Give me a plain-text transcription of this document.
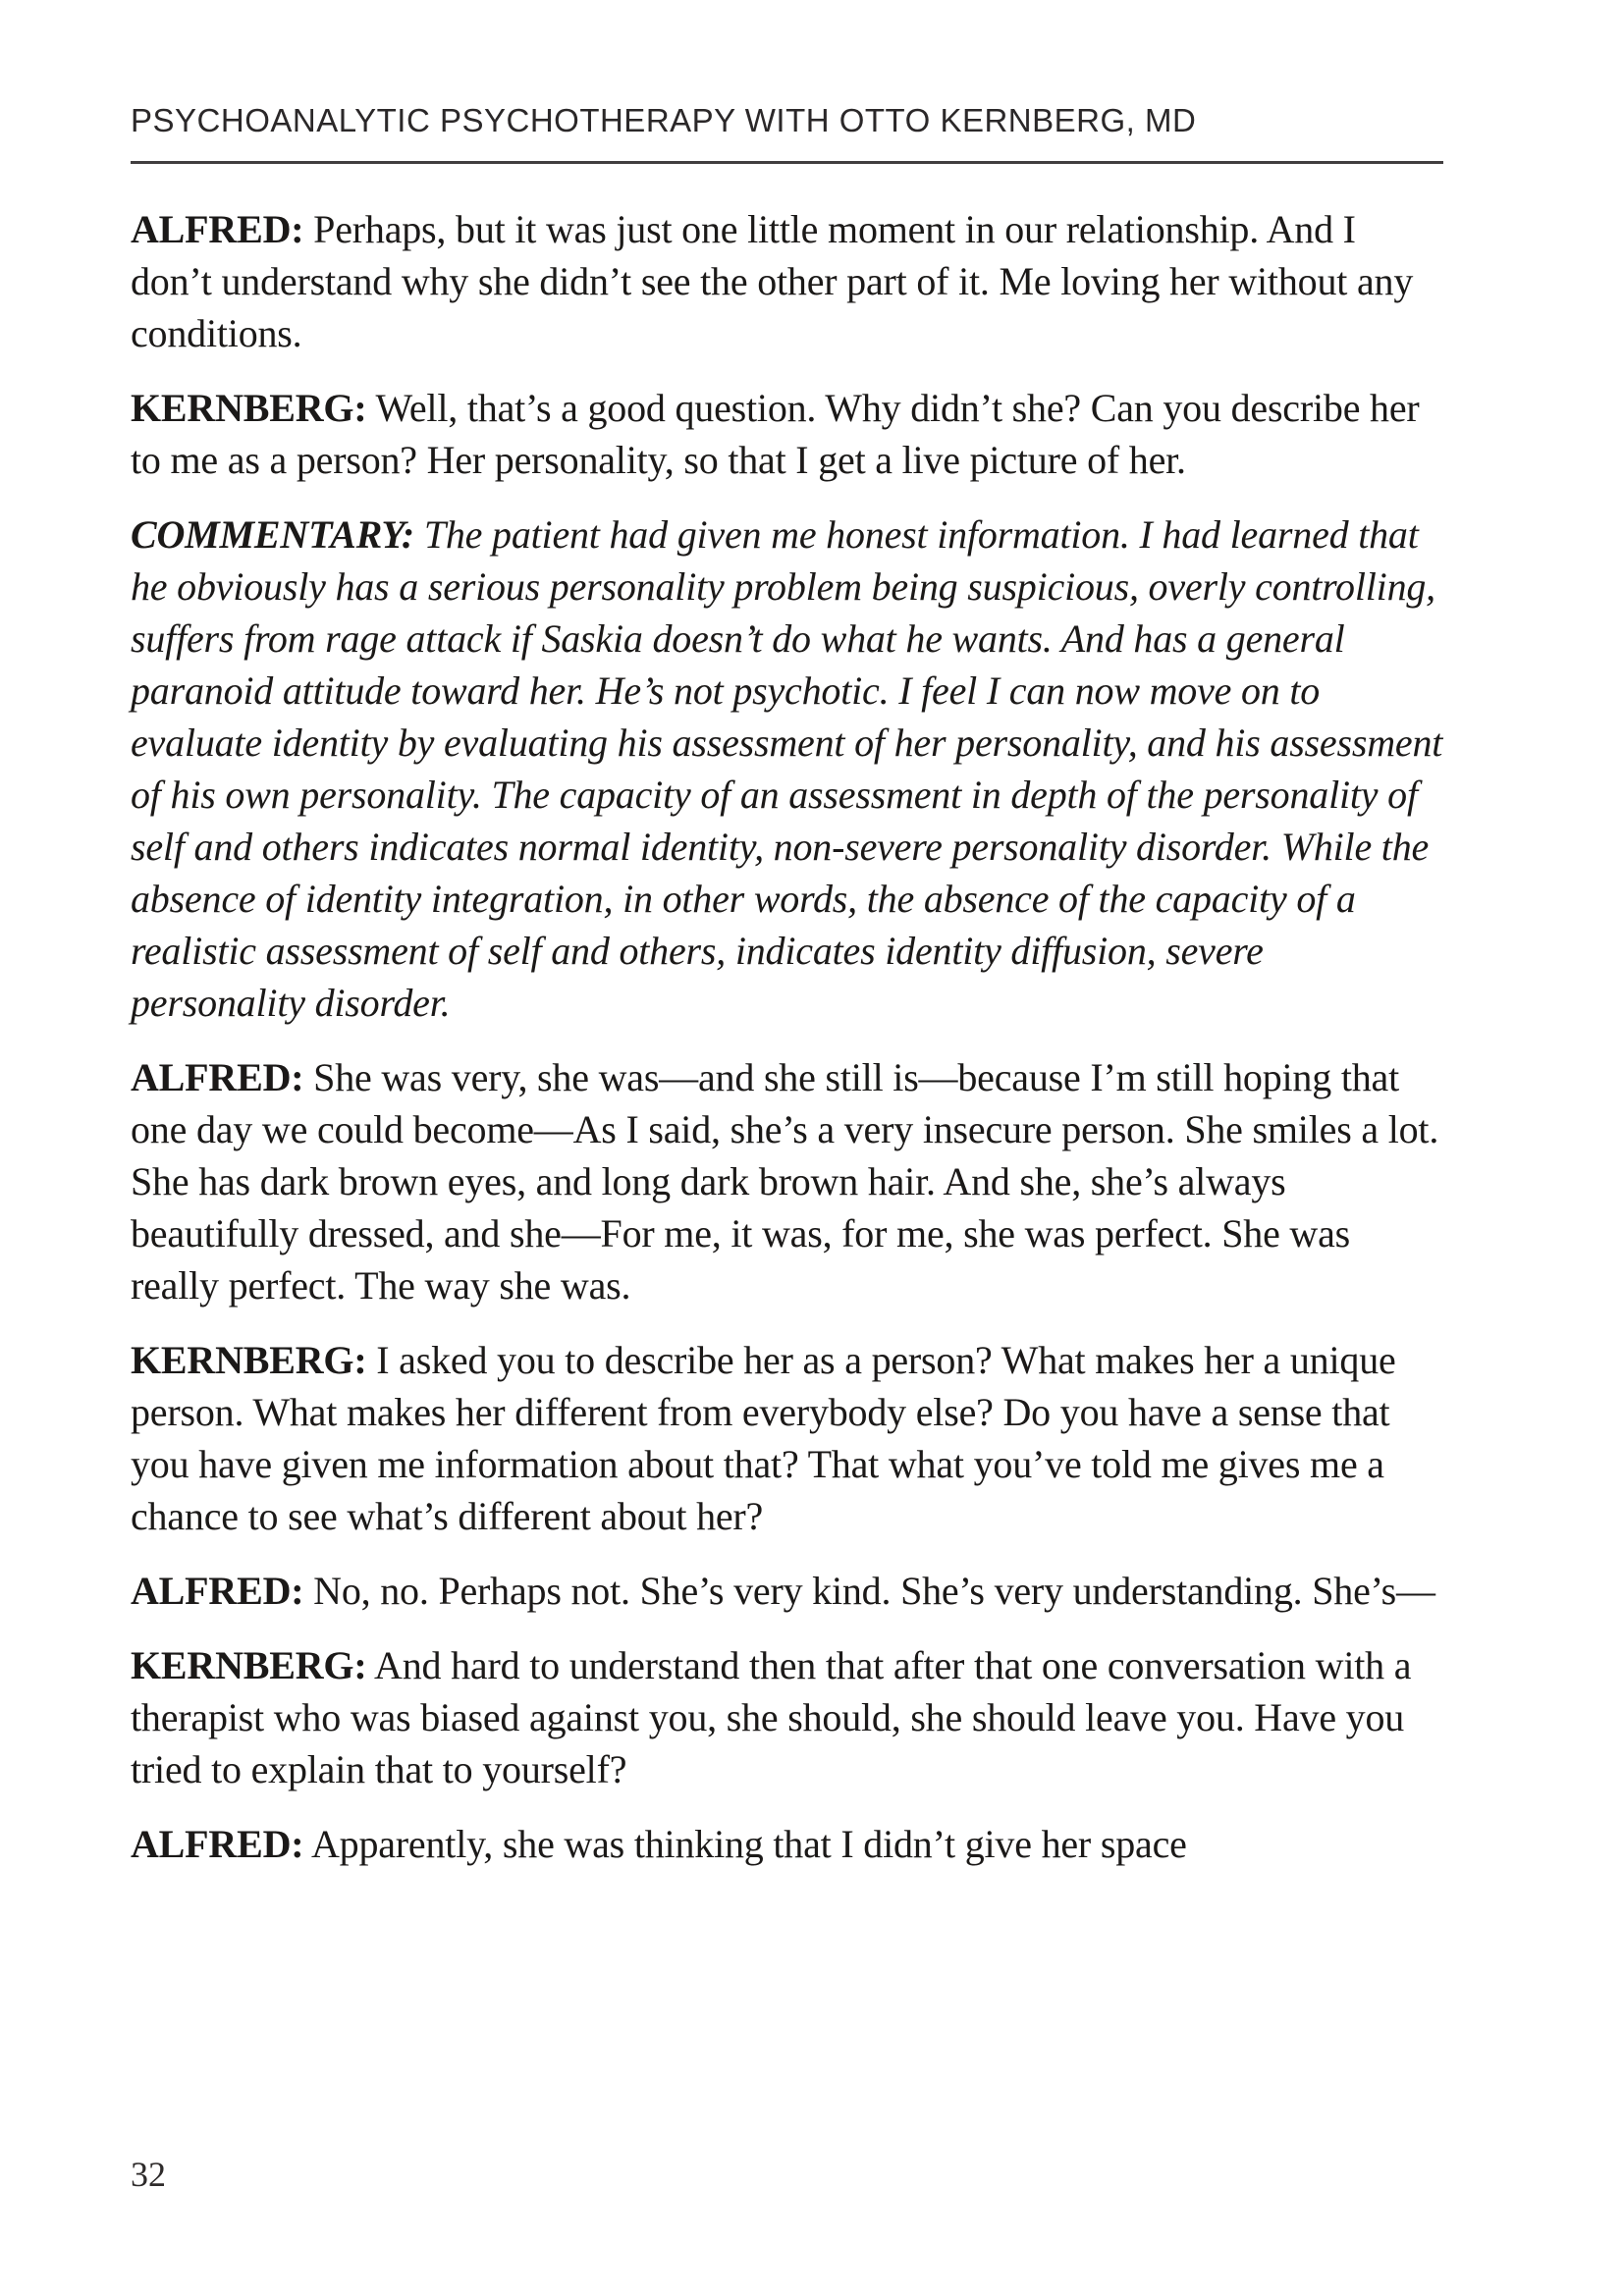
PSYCHOANALYTIC PSYCHOTHERAPY WITH OTTO KERNBERG, MD

ALFRED: Perhaps, but it was just one little moment in our relationship. And I don’t understand why she didn’t see the other part of it. Me loving her without any conditions.

KERNBERG: Well, that’s a good question. Why didn’t she? Can you describe her to me as a person? Her personality, so that I get a live picture of her.

COMMENTARY: The patient had given me honest information. I had learned that he obviously has a serious personality problem being suspicious, overly controlling, suffers from rage attack if Saskia doesn’t do what he wants. And has a general paranoid attitude toward her. He’s not psychotic. I feel I can now move on to evaluate identity by evaluating his assessment of her personality, and his assessment of his own personality. The capacity of an assessment in depth of the personality of self and others indicates normal identity, non-severe personality disorder. While the absence of identity integration, in other words, the absence of the capacity of a realistic assessment of self and others, indicates identity diffusion, severe personality disorder.

ALFRED: She was very, she was—and she still is—because I’m still hoping that one day we could become—As I said, she’s a very insecure person. She smiles a lot. She has dark brown eyes, and long dark brown hair. And she, she’s always beautifully dressed, and she—For me, it was, for me, she was perfect. She was really perfect. The way she was.

KERNBERG: I asked you to describe her as a person? What makes her a unique person. What makes her different from everybody else? Do you have a sense that you have given me information about that? That what you’ve told me gives me a chance to see what’s different about her?

ALFRED: No, no. Perhaps not. She’s very kind. She’s very understanding. She’s—

KERNBERG: And hard to understand then that after that one conversation with a therapist who was biased against you, she should, she should leave you. Have you tried to explain that to yourself?

ALFRED: Apparently, she was thinking that I didn’t give her space

32
